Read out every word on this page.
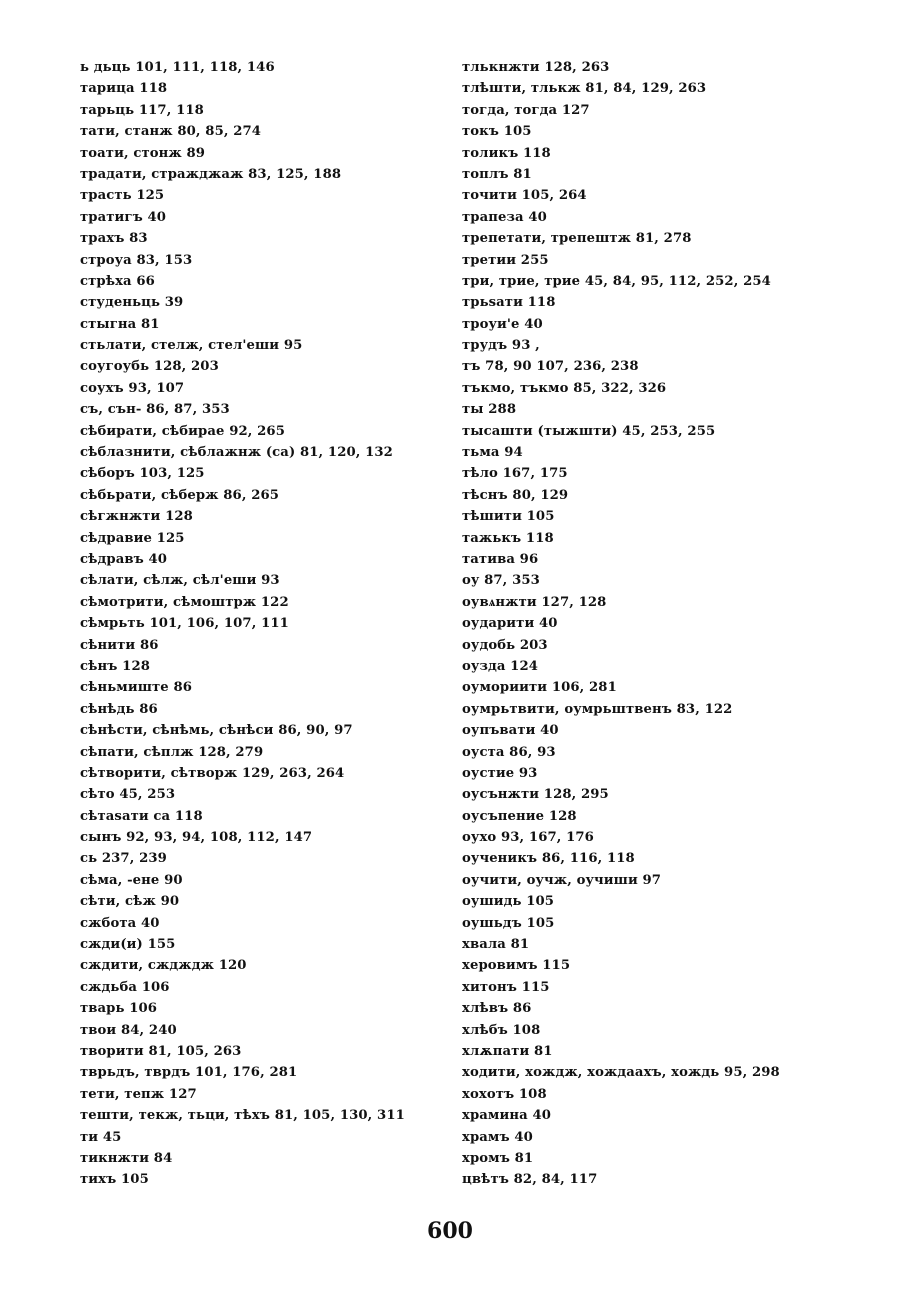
ь дьць 101, 111, 118, 146
тарица 118
тарьць 117, 118
тати, станж 80, 85, 274
тоати, стонж 89
традати, стражджаж 83, 125, 188
трасть 125
тратигъ 40
трахъ 83
строуа 83, 153
стрѣха 66
студеньць 39
стыгна 81
стьлати, стелж, стел'еши 95
соугоубь 128, 203
соухъ 93, 107
съ, сън- 86, 87, 353
сѣбирати, сѣбирае 92, 265
сѣблазнити, сѣблажнж (са) 81, 120, 132
сѣборъ 103, 125
сѣбьрати, сѣберж 86, 265
сѣгжнжти 128
сѣдравие 125
сѣдравъ 40
сѣлати, сѣлж, сѣл'еши 93
сѣмотрити, сѣмоштрж 122
сѣмрьть 101, 106, 107, 111
сѣнити 86
сѣнъ 128
сѣньмиште 86
сѣнѣдь 86
сѣнѣсти, сѣнѣмь, сѣнѣси 86, 90, 97
сѣпати, сѣплж 128, 279
сѣтворити, сѣтворж 129, 263, 264
сѣто 45, 253
сѣтаѕати са 118
сынъ 92, 93, 94, 108, 112, 147
сь 237, 239
сѣма, -ене 90
сѣти, сѣж 90
сжбота 40
сжди(и) 155
сждити, сждждж 120
сждьба 106
тварь 106
твои 84, 240
творити 81, 105, 263
тврьдъ, тврдъ 101, 176, 281
тети, тепж 127
тешти, текж, тьци, тѣхъ 81, 105, 130, 311
ти 45
тикнжти 84
тихъ 105
тлькнжти 128, 263
тлѣшти, тлькж 81, 84, 129, 263
тогда, тогда 127
токъ 105
толикъ 118
топлъ 81
точити 105, 264
трапеза 40
трепетати, трепештж 81, 278
третии 255
три, трие, трие 45, 84, 95, 112, 252, 254
трьѕати 118
троуи'е 40
трудъ 93 ,
тъ 78, 90 107, 236, 238
тъкмо, тъкмо 85, 322, 326
ты 288
тысашти (тыжшти) 45, 253, 255
тьма 94
тѣло 167, 175
тѣснъ 80, 129
тѣшити 105
тажькъ 118
татива 96
оу 87, 353
оувѧнжти 127, 128
оударити 40
оудобь 203
оузда 124
оумориити 106, 281
оумрьтвити, оумрьштвенъ 83, 122
оупъвати 40
оуста 86, 93
оустие 93
оусънжти 128, 295
оусъпение 128
оухо 93, 167, 176
оученикъ 86, 116, 118
оучити, оучж, оучиши 97
оушидь 105
оушьдъ 105
хвала 81
херовимъ 115
хитонъ 115
хлѣвъ 86
хлѣбъ 108
хлѫпати 81
ходити, хождж, хождаахъ, хождь 95, 298
хохотъ 108
храмина 40
храмъ 40
хромъ 81
цвѣтъ 82, 84, 117
600
